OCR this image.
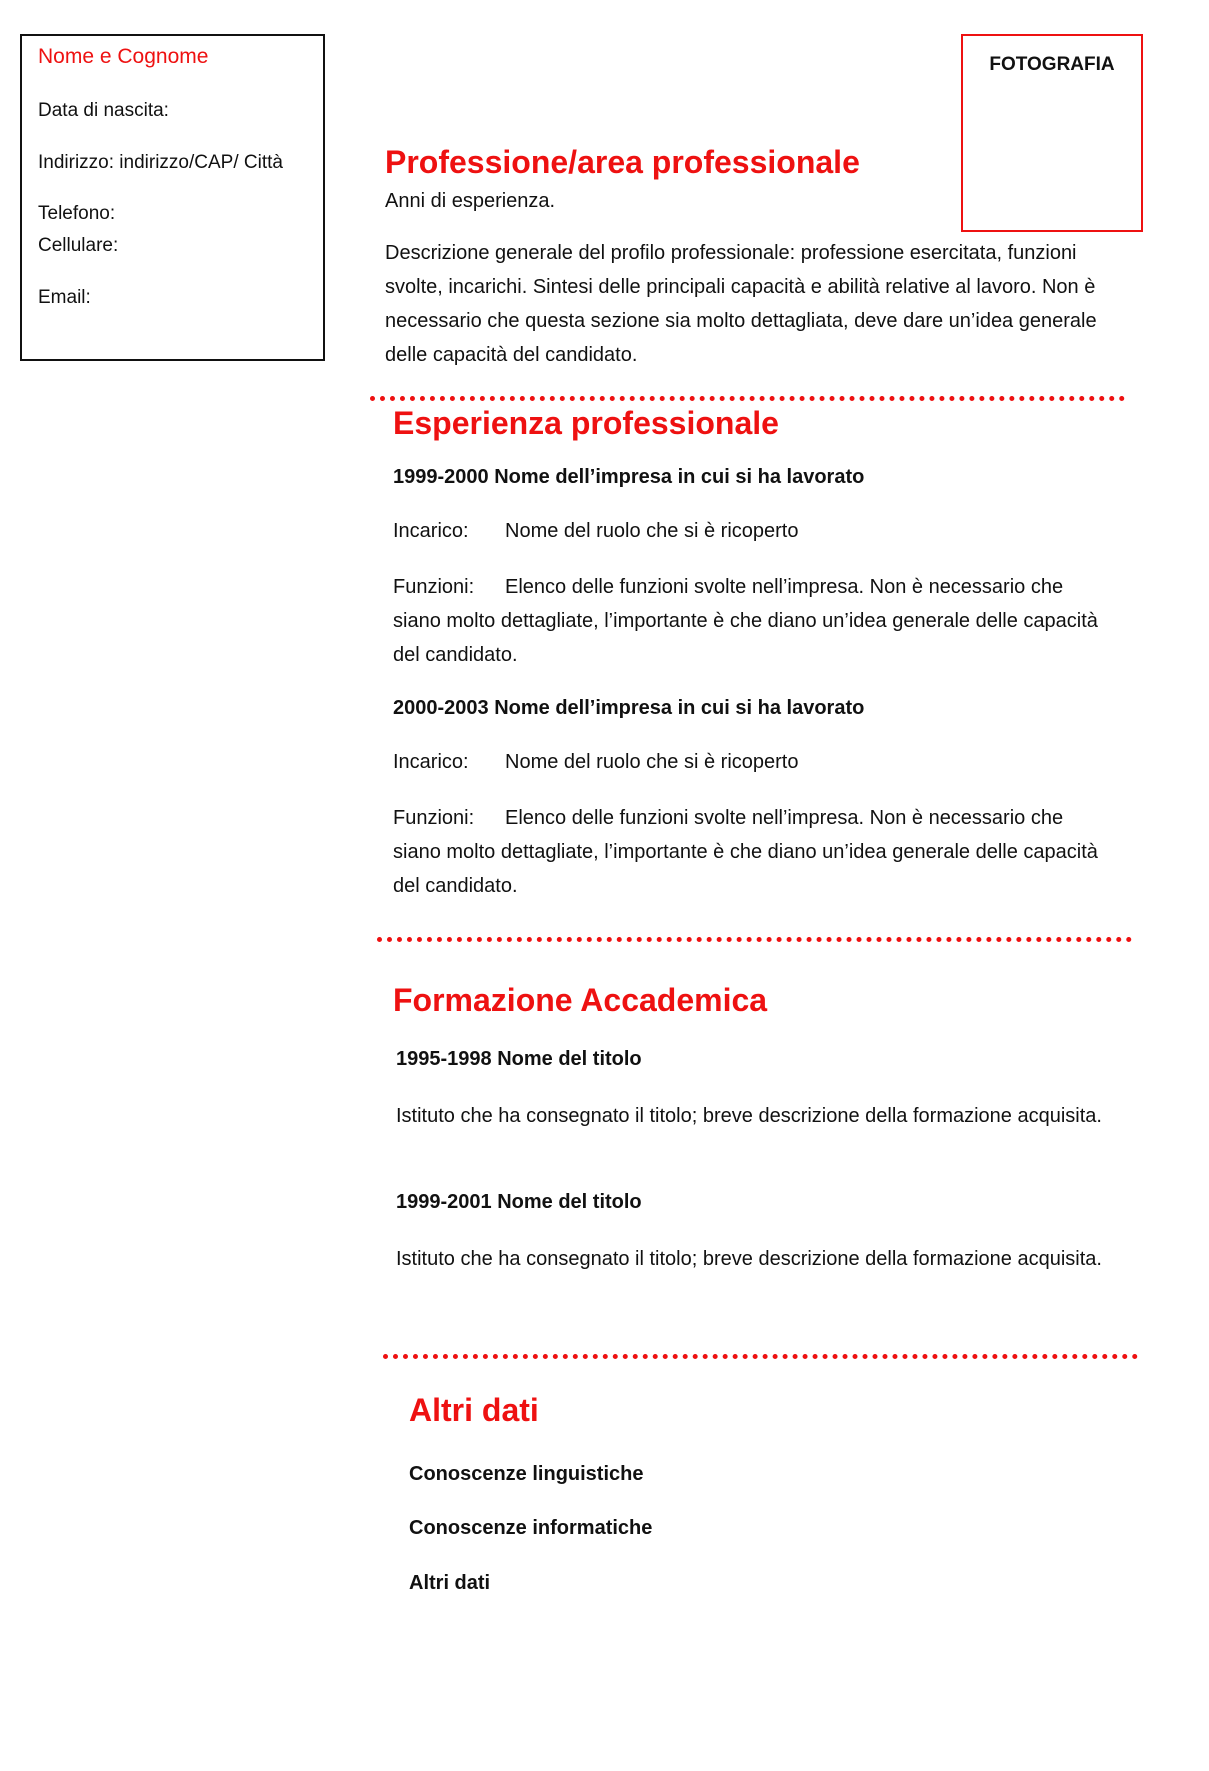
Nome e Cognome
Data di nascita:
Indirizzo: indirizzo/CAP/ Città
Telefono:
Cellulare:
Email:
FOTOGRAFIA
Professione/area professionale
Anni di esperienza.
Descrizione generale del profilo professionale: professione esercitata, funzioni svolte, incarichi. Sintesi delle principali capacità e abilità relative al lavoro. Non è necessario che questa sezione sia molto dettagliata, deve dare un’idea generale delle capacità del candidato.
Esperienza professionale
1999-2000 Nome dell’impresa in cui si ha lavorato
Incarico: Nome del ruolo che si è ricoperto
Funzioni: Elenco delle funzioni svolte nell’impresa. Non è necessario che siano molto dettagliate, l’importante è che diano un’idea generale delle capacità del candidato.
2000-2003 Nome dell’impresa in cui si ha lavorato
Incarico: Nome del ruolo che si è ricoperto
Funzioni: Elenco delle funzioni svolte nell’impresa. Non è necessario che siano molto dettagliate, l’importante è che diano un’idea generale delle capacità del candidato.
Formazione Accademica
1995-1998 Nome del titolo
Istituto che ha consegnato il titolo; breve descrizione della formazione acquisita.
1999-2001 Nome del titolo
Istituto che ha consegnato il titolo; breve descrizione della formazione acquisita.
Altri dati
Conoscenze linguistiche
Conoscenze informatiche
Altri dati
